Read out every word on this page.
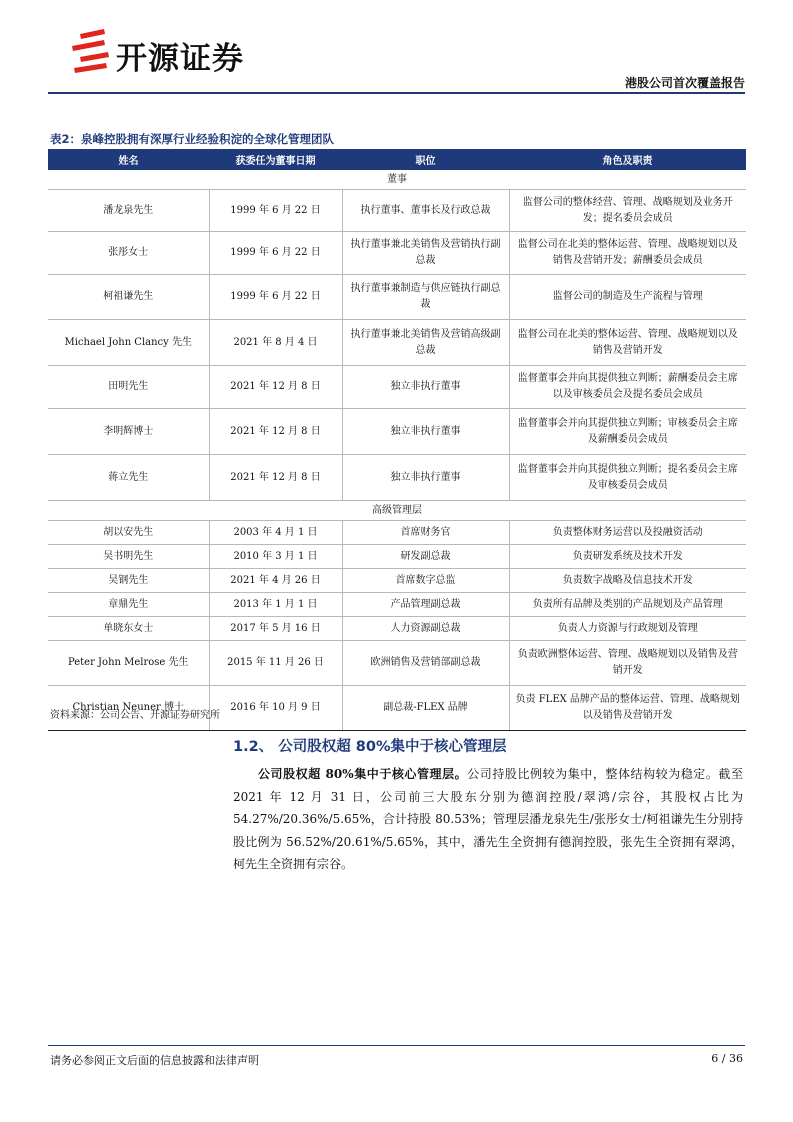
开源证券

港股公司首次覆盖报告

表2：泉峰控股拥有深厚行业经验积淀的全球化管理团队

姓名	获委任为董事日期	职位	角色及职责
董事			
潘龙泉先生	1999 年 6 月 22 日	执行董事、董事长及行政总裁	监督公司的整体经营、管理、战略规划及业务开发；提名委员会成员
张彤女士	1999 年 6 月 22 日	执行董事兼北美销售及营销执行副总裁	监督公司在北美的整体运营、管理、战略规划以及销售及营销开发；薪酬委员会成员
柯祖谦先生	1999 年 6 月 22 日	执行董事兼制造与供应链执行副总裁	监督公司的制造及生产流程与管理
Michael John Clancy 先生	2021 年 8 月 4 日	执行董事兼北美销售及营销高级副总裁	监督公司在北美的整体运营、管理、战略规划以及销售及营销开发
田明先生	2021 年 12 月 8 日	独立非执行董事	监督董事会并向其提供独立判断；薪酬委员会主席以及审核委员会及提名委员会成员
李明辉博士	2021 年 12 月 8 日	独立非执行董事	监督董事会并向其提供独立判断；审核委员会主席及薪酬委员会成员
蒋立先生	2021 年 12 月 8 日	独立非执行董事	监督董事会并向其提供独立判断；提名委员会主席及审核委员会成员
高级管理层			
胡以安先生	2003 年 4 月 1 日	首席财务官	负责整体财务运营以及投融资活动
吴书明先生	2010 年 3 月 1 日	研发副总裁	负责研发系统及技术开发
吴钢先生	2021 年 4 月 26 日	首席数字总监	负责数字战略及信息技术开发
章鼎先生	2013 年 1 月 1 日	产品管理副总裁	负责所有品牌及类别的产品规划及产品管理
单晓东女士	2017 年 5 月 16 日	人力资源副总裁	负责人力资源与行政规划及管理
Peter John Melrose 先生	2015 年 11 月 26 日	欧洲销售及营销部副总裁	负责欧洲整体运营、管理、战略规划以及销售及营销开发
Christian Neuner 博士	2016 年 10 月 9 日	副总裁-FLEX 品牌	负责 FLEX 品牌产品的整体运营、管理、战略规划以及销售及营销开发

资料来源：公司公告、开源证券研究所

1.2、 公司股权超 80%集中于核心管理层

公司股权超 80%集中于核心管理层。公司持股比例较为集中，整体结构较为稳定。截至 2021 年 12 月 31 日，公司前三大股东分别为德润控股/翠鸿/宗谷，其股权占比为 54.27%/20.36%/5.65%，合计持股 80.53%；管理层潘龙泉先生/张彤女士/柯祖谦先生分别持股比例为 56.52%/20.61%/5.65%，其中，潘先生全资拥有德润控股，张先生全资拥有翠鸿，柯先生全资拥有宗谷。

请务必参阅正文后面的信息披露和法律声明	6 / 36
